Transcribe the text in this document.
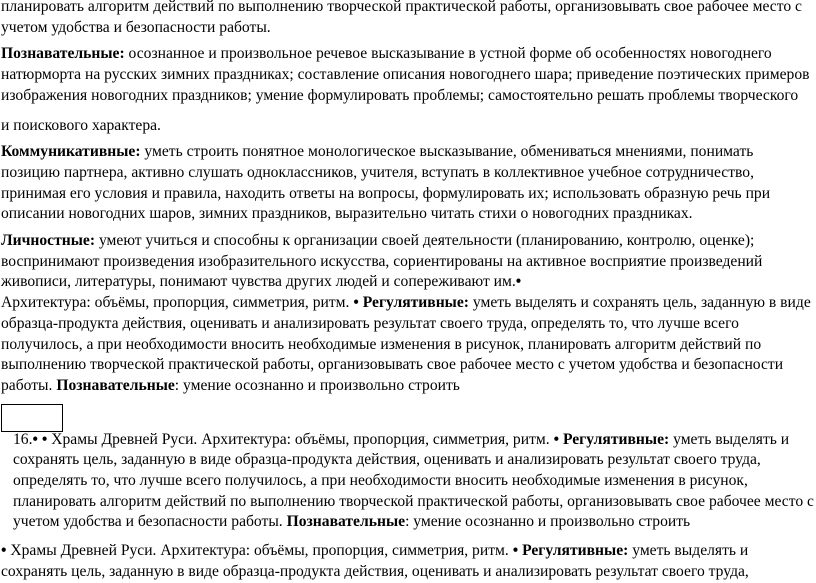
планировать алгоритм действий по выполнению творческой практической работы, организовывать свое рабочее место с учетом удобства и безопасности работы.

Познавательные: осознанное и произвольное речевое высказывание в устной форме об особенностях новогоднего натюрморта на русских зимних праздниках; составление описания новогоднего шара; приведение поэтических примеров изображения новогодних праздников; умение формулировать проблемы; самостоятельно решать проблемы творческого

и поискового характера.

Коммуникативные: уметь строить понятное монологическое высказывание, обмениваться мнениями, понимать позицию партнера, активно слушать одноклассников, учителя, вступать в коллективное учебное сотрудничество, принимая его условия и правила, находить ответы на вопросы, формулировать их; использовать образную речь при описании новогодних шаров, зимних праздников, выразительно читать стихи о новогодних праздниках.

Личностные: умеют учиться и способны к организации своей деятельности (планированию, контролю, оценке); воспринимают произведения изобразительного искусства, сориентированы на активное восприятие произведений живописи, литературы, понимают чувства других людей и сопереживают им.•

Архитектура: объёмы, пропорция, симметрия, ритм. • Регулятивные: уметь выделять и сохранять цель, заданную в виде образца-продукта действия, оценивать и анализировать результат своего труда, определять то, что лучше всего получилось, а при необходимости вносить необходимые изменения в рисунок, планировать алгоритм действий по выполнению творческой практической работы, организовывать свое рабочее место с учетом удобства и безопасности работы. Познавательные: умение осознанно и произвольно строить

16.• • Храмы Древней Руси. Архитектура: объёмы, пропорция, симметрия, ритм. • Регулятивные: уметь выделять и сохранять цель, заданную в виде образца-продукта действия, оценивать и анализировать результат своего труда, определять то, что лучше всего получилось, а при необходимости вносить необходимые изменения в рисунок, планировать алгоритм действий по выполнению творческой практической работы, организовывать свое рабочее место с учетом удобства и безопасности работы. Познавательные: умение осознанно и произвольно строить

• Храмы Древней Руси. Архитектура: объёмы, пропорция, симметрия, ритм. • Регулятивные: уметь выделять и сохранять цель, заданную в виде образца-продукта действия, оценивать и анализировать результат своего труда,
